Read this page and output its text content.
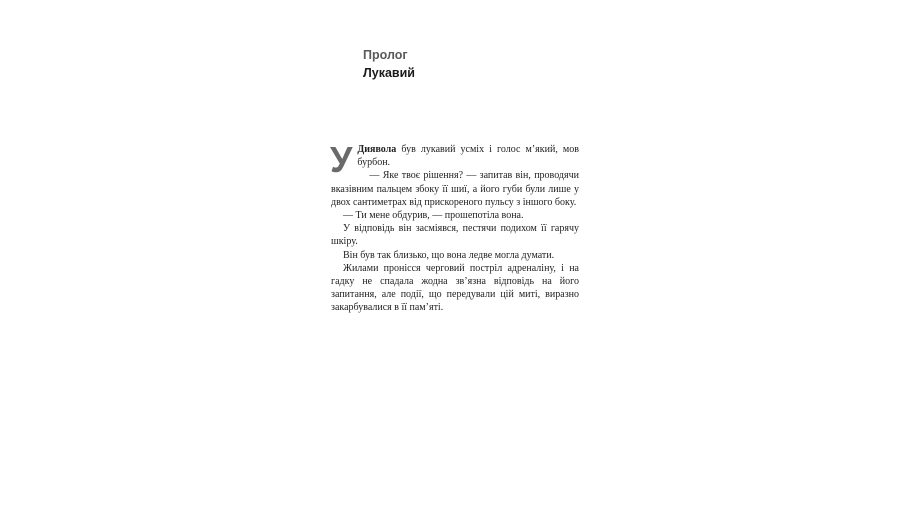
Пролог
Лукавий

У Диявола був лукавий усміх і голос м’який, мов бурбон.

— Яке твоє рішення? — запитав він, проводячи вказівним пальцем збоку її шиї, а його губи були лише у двох сантиметрах від прискореного пульсу з іншого боку.

— Ти мене обдурив, — прошепотіла вона.

У відповідь він засміявся, пестячи подихом її гарячу шкіру.

Він був так близько, що вона ледве могла думати.

Жилами пронісся черговий постріл адреналіну, і на гадку не спадала жодна зв’язна відповідь на його запитання, але події, що передували цій миті, виразно закарбувалися в її пам’яті.
